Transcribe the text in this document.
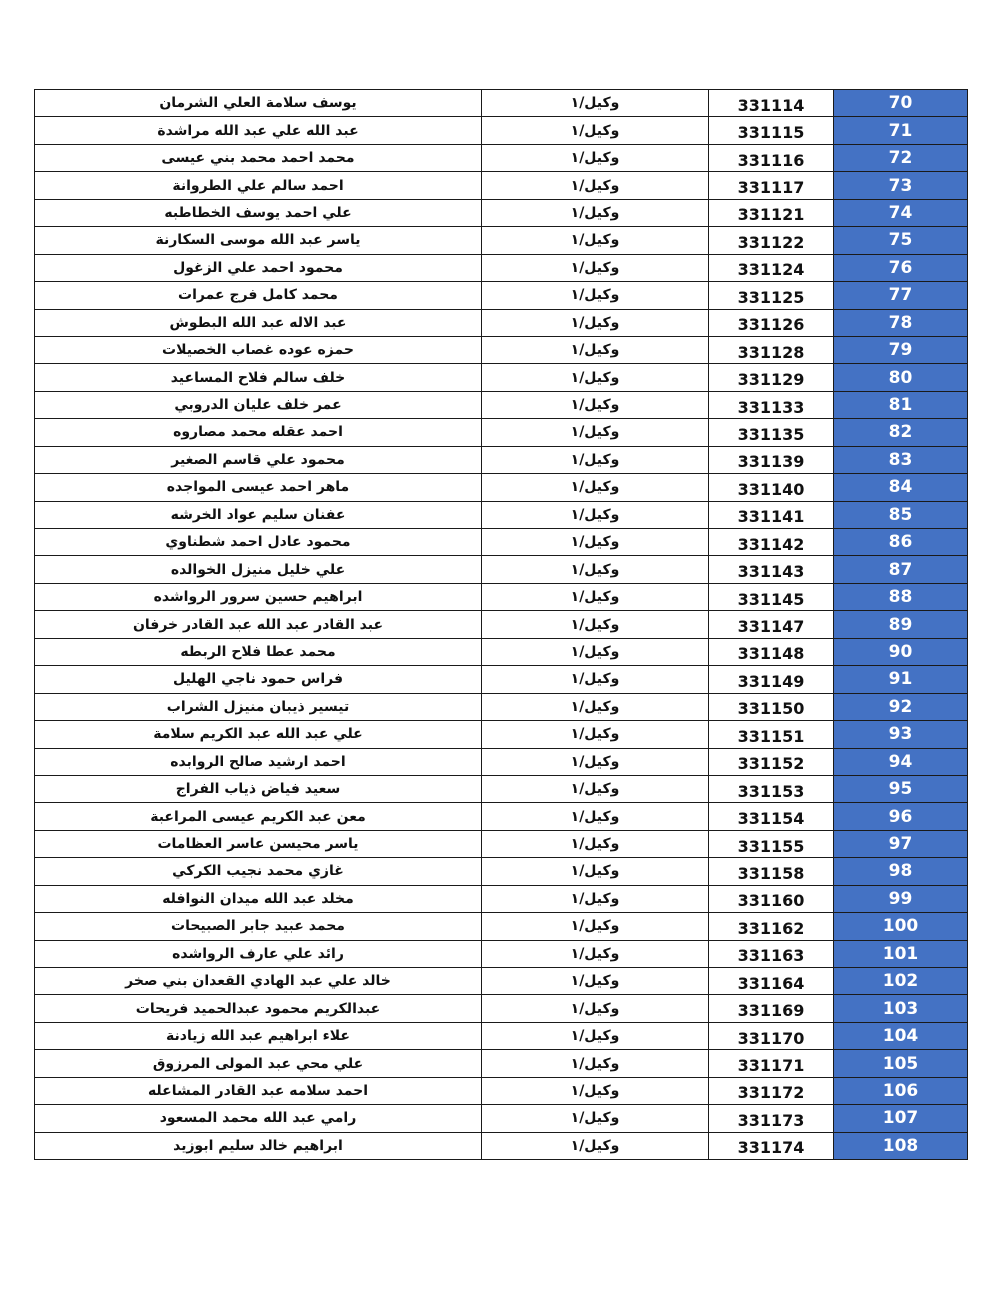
يوسف سلامة العلي الشرمان	وكيل/١	331114	70
عبد الله علي عبد الله مراشدة	وكيل/١	331115	71
محمد احمد محمد بني عيسى	وكيل/١	331116	72
احمد سالم علي الطروانة	وكيل/١	331117	73
علي احمد يوسف الخطاطبه	وكيل/١	331121	74
ياسر عبد الله موسى السكارنة	وكيل/١	331122	75
محمود احمد علي الزغول	وكيل/١	331124	76
محمد كامل فرج عمرات	وكيل/١	331125	77
عبد الاله عبد الله البطوش	وكيل/١	331126	78
حمزه عوده غصاب الخصيلات	وكيل/١	331128	79
خلف سالم فلاح المساعيد	وكيل/١	331129	80
عمر خلف عليان الدروبي	وكيل/١	331133	81
احمد عقله محمد مصاروه	وكيل/١	331135	82
محمود علي قاسم الصغير	وكيل/١	331139	83
ماهر احمد عيسى المواجده	وكيل/١	331140	84
عفنان سليم عواد الخرشه	وكيل/١	331141	85
محمود عادل احمد شطناوي	وكيل/١	331142	86
علي خليل منيزل الخوالده	وكيل/١	331143	87
ابراهيم حسين سرور الرواشده	وكيل/١	331145	88
عبد القادر عبد الله عبد القادر خرفان	وكيل/١	331147	89
محمد عطا فلاح الربطه	وكيل/١	331148	90
فراس حمود ناجي الهليل	وكيل/١	331149	91
تيسير ذيبان منيزل الشراب	وكيل/١	331150	92
علي عبد الله عبد الكريم سلامة	وكيل/١	331151	93
احمد ارشيد صالح الروابده	وكيل/١	331152	94
سعيد فياض ذياب الفراج	وكيل/١	331153	95
معن عبد الكريم عيسى المراعبة	وكيل/١	331154	96
ياسر محيسن عاسر العظامات	وكيل/١	331155	97
غازي محمد نجيب الكركي	وكيل/١	331158	98
مخلد عبد الله ميدان النوافله	وكيل/١	331160	99
محمد عبيد جابر الصبيحات	وكيل/١	331162	100
رائد علي عارف الرواشده	وكيل/١	331163	101
خالد علي عبد الهادي القعدان بني صخر	وكيل/١	331164	102
عبدالكريم محمود عبدالحميد فريحات	وكيل/١	331169	103
علاء ابراهيم عبد الله زيادنة	وكيل/١	331170	104
علي محي عبد المولى المرزوق	وكيل/١	331171	105
احمد سلامه عبد القادر المشاعله	وكيل/١	331172	106
رامي عبد الله محمد المسعود	وكيل/١	331173	107
ابراهيم خالد سليم ابوزيد	وكيل/١	331174	108
